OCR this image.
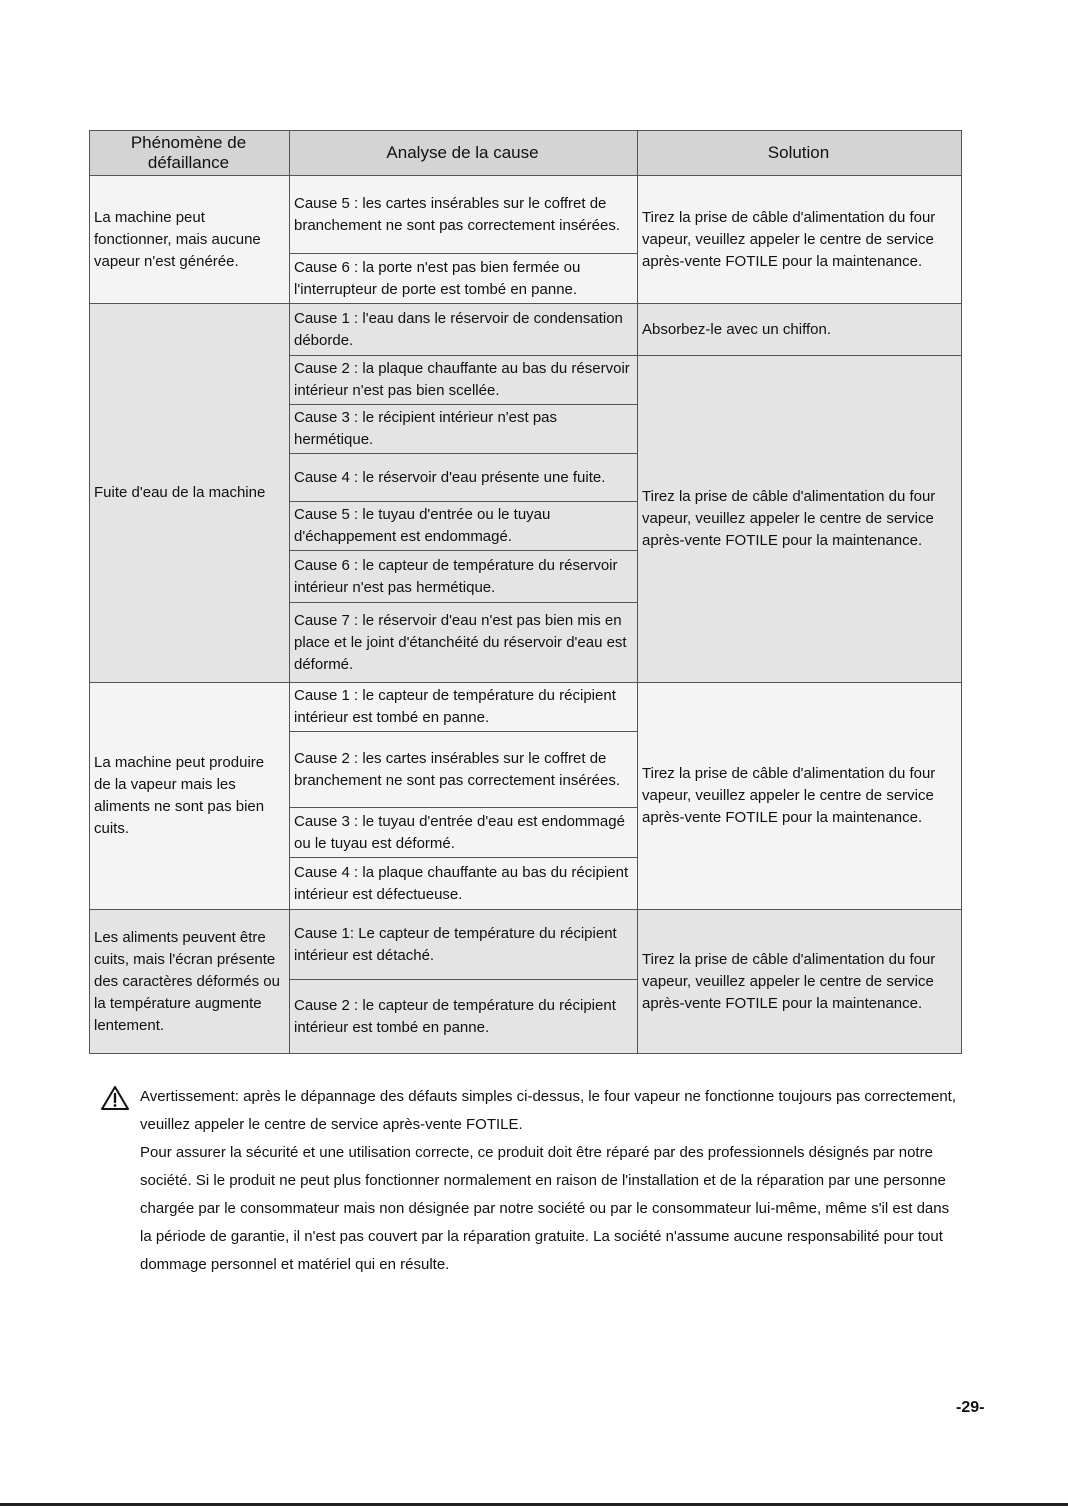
Phénomène de défaillance	Analyse de la cause	Solution
La machine peut fonctionner, mais aucune vapeur n'est générée.	Cause 5 : les cartes insérables sur le coffret de branchement ne sont pas correctement insérées.	Tirez la prise de câble d'alimentation du four vapeur, veuillez appeler le centre de service après-vente FOTILE pour la maintenance.
	Cause 6 : la porte n'est pas bien fermée ou l'interrupteur de porte est tombé en panne.	
Fuite d'eau de la machine	Cause 1 : l'eau dans le réservoir de condensation déborde.	Absorbez-le avec un chiffon.
	Cause 2 : la plaque chauffante au bas du réservoir intérieur n'est pas bien scellée.	Tirez la prise de câble d'alimentation du four vapeur, veuillez appeler le centre de service après-vente FOTILE pour la maintenance.
	Cause 3 : le récipient intérieur n'est pas hermétique.	
	Cause 4 : le réservoir d'eau présente une fuite.	
	Cause 5 : le tuyau d'entrée ou le tuyau d'échappement est endommagé.	
	Cause 6 : le capteur de température du réservoir intérieur n'est pas hermétique.	
	Cause 7 : le réservoir d'eau n'est pas bien mis en place et le joint d'étanchéité du réservoir d'eau est déformé.	
La machine peut produire de la vapeur mais les aliments ne sont pas bien cuits.	Cause 1 : le capteur de température du récipient intérieur est tombé en panne.	Tirez la prise de câble d'alimentation du four vapeur, veuillez appeler le centre de service après-vente FOTILE pour la maintenance.
	Cause 2 : les cartes insérables sur le coffret de branchement ne sont pas correctement insérées.	
	Cause 3 : le tuyau d'entrée d'eau est endommagé ou le tuyau est déformé.	
	Cause 4 : la plaque chauffante au bas du récipient intérieur est défectueuse.	
Les aliments peuvent être cuits, mais l'écran présente des caractères déformés ou la température augmente lentement.	Cause 1: Le capteur de température du récipient intérieur est détaché.	Tirez la prise de câble d'alimentation du four vapeur, veuillez appeler le centre de service après-vente FOTILE pour la maintenance.
	Cause 2 : le capteur de température du récipient intérieur est tombé en panne.	

Avertissement: après le dépannage des défauts simples ci-dessus, le four vapeur ne fonctionne toujours pas correctement, veuillez appeler le centre de service après-vente FOTILE.

Pour assurer la sécurité et une utilisation correcte, ce produit doit être réparé par des professionnels désignés par notre société. Si le produit ne peut plus fonctionner normalement en raison de l'installation et de la réparation par une personne chargée par le consommateur mais non désignée par notre société ou par le consommateur lui-même, même s'il est dans la période de garantie, il n'est pas couvert par la réparation gratuite. La société n'assume aucune responsabilité pour tout dommage personnel et matériel qui en résulte.

-29-
